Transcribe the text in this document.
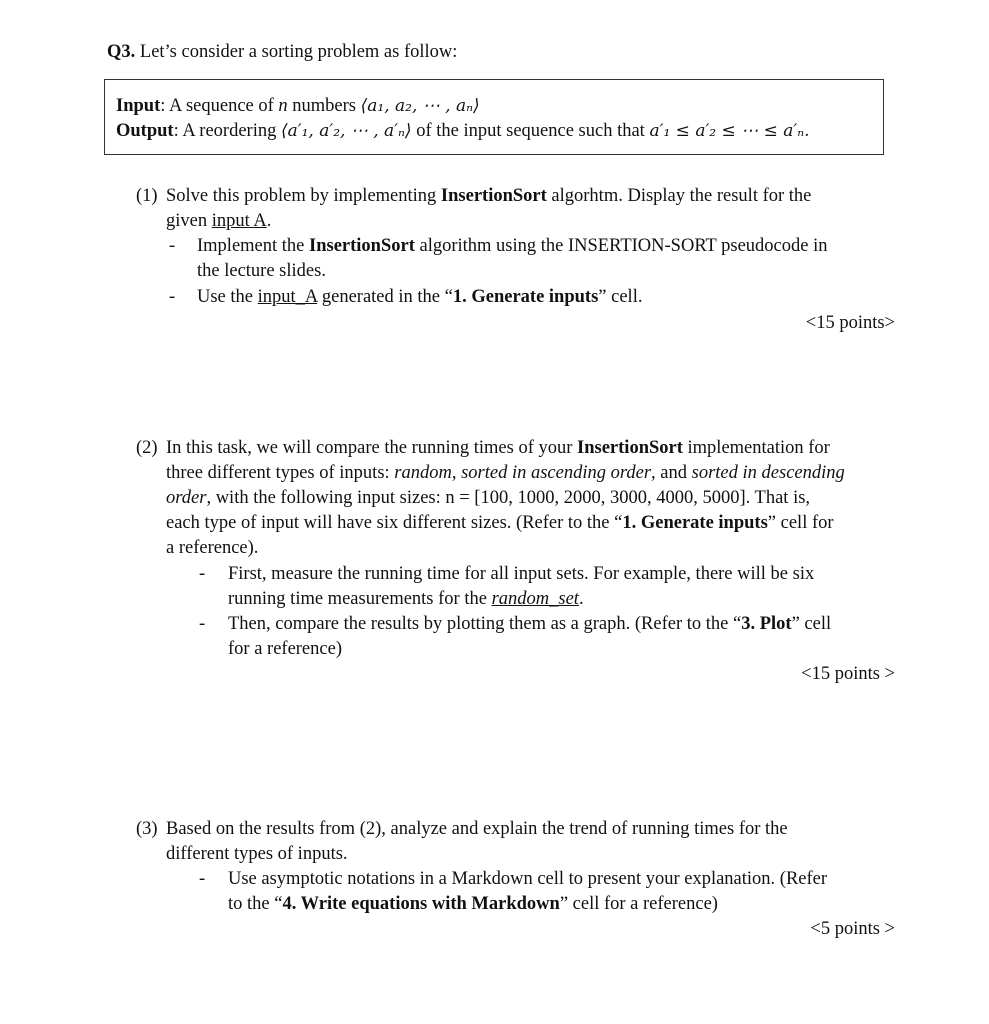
Q3. Let’s consider a sorting problem as follow:
Input: A sequence of n numbers ⟨a₁, a₂, ⋯ , aₙ⟩
Output: A reordering ⟨a′₁, a′₂, ⋯ , a′ₙ⟩ of the input sequence such that a′₁ ≤ a′₂ ≤ ⋯ ≤ a′ₙ.
(1) Solve this problem by implementing InsertionSort algorhtm. Display the result for the
given input A.
- Implement the InsertionSort algorithm using the INSERTION-SORT pseudocode in
the lecture slides.
- Use the input_A generated in the “1. Generate inputs” cell.
<15 points>
(2) In this task, we will compare the running times of your InsertionSort implementation for
three different types of inputs: random, sorted in ascending order, and sorted in descending
order, with the following input sizes: n = [100, 1000, 2000, 3000, 4000, 5000]. That is,
each type of input will have six different sizes. (Refer to the “1. Generate inputs” cell for
a reference).
- First, measure the running time for all input sets. For example, there will be six
running time measurements for the random_set.
- Then, compare the results by plotting them as a graph. (Refer to the “3. Plot” cell
for a reference)
<15 points >
(3) Based on the results from (2), analyze and explain the trend of running times for the
different types of inputs.
- Use asymptotic notations in a Markdown cell to present your explanation. (Refer
to the “4. Write equations with Markdown” cell for a reference)
<5 points >
